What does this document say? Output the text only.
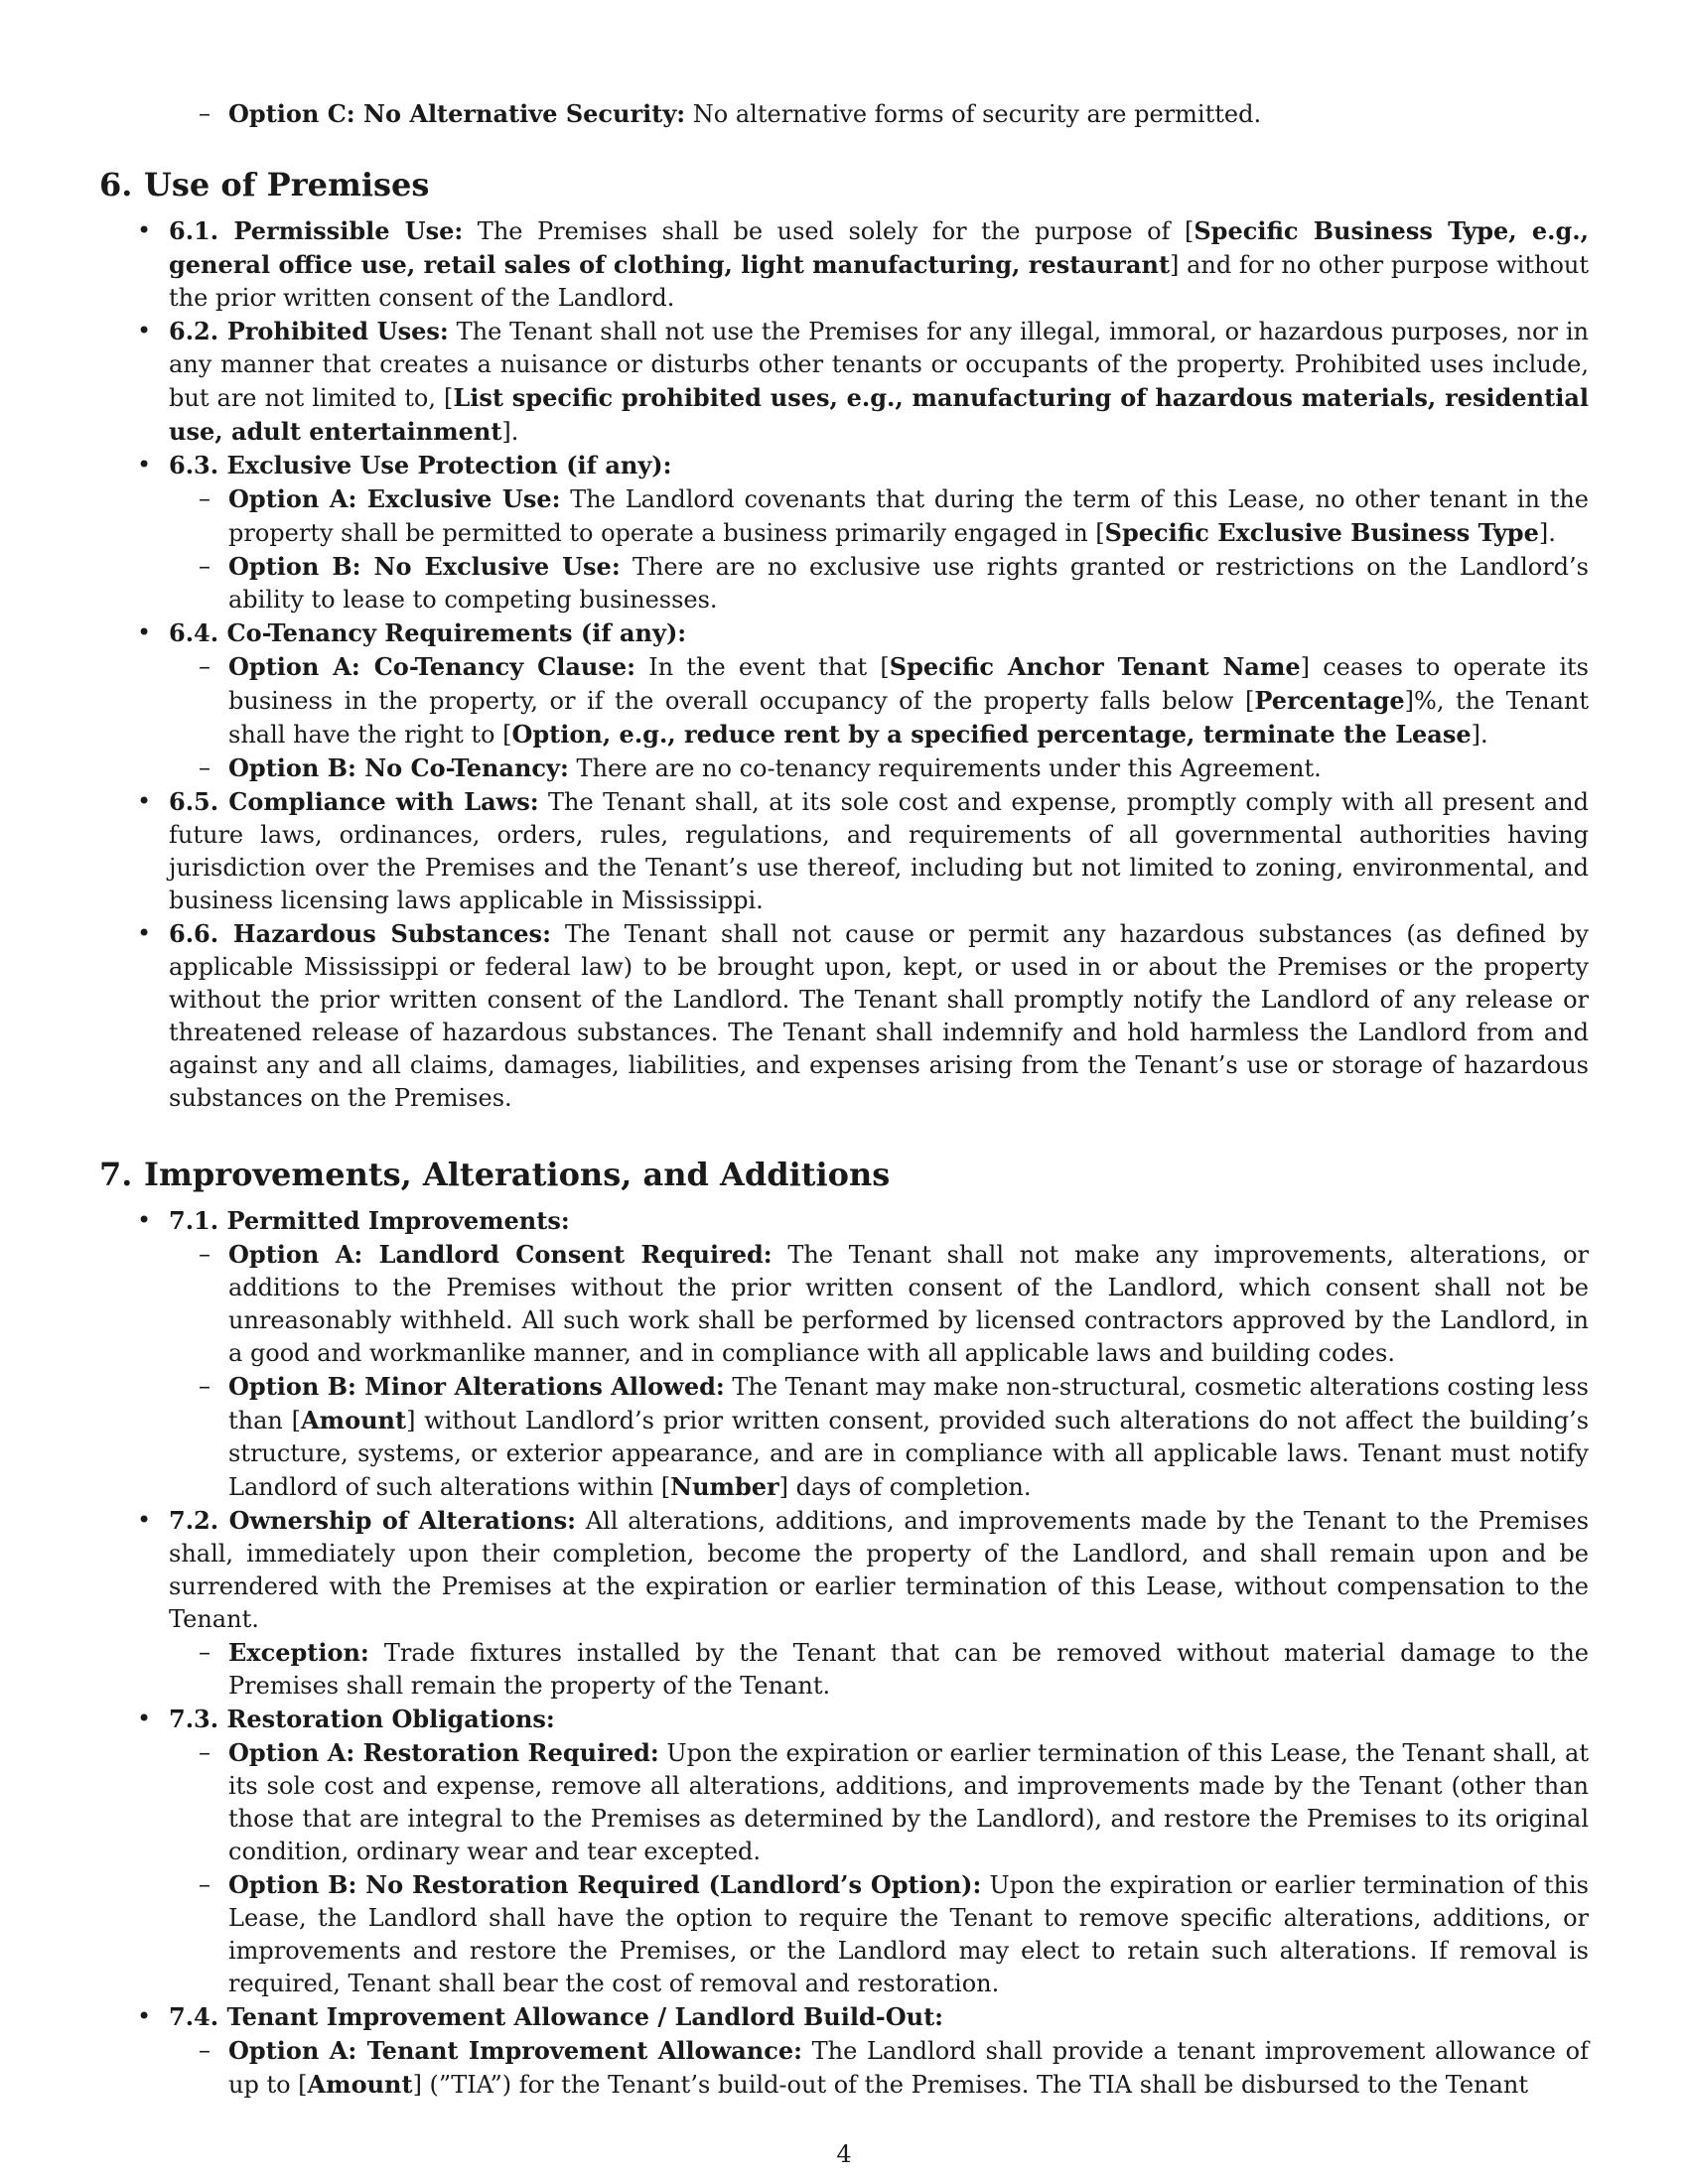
– Option C: No Alternative Security: No alternative forms of security are permitted.
6. Use of Premises
• 6.1. Permissible Use: The Premises shall be used solely for the purpose of [Specific Business Type, e.g., general office use, retail sales of clothing, light manufacturing, restaurant] and for no other purpose without the prior written consent of the Landlord.
• 6.2. Prohibited Uses: The Tenant shall not use the Premises for any illegal, immoral, or hazardous purposes, nor in any manner that creates a nuisance or disturbs other tenants or occupants of the property. Prohibited uses include, but are not limited to, [List specific prohibited uses, e.g., manufacturing of hazardous materials, residential use, adult entertainment].
• 6.3. Exclusive Use Protection (if any):
– Option A: Exclusive Use: The Landlord covenants that during the term of this Lease, no other tenant in the property shall be permitted to operate a business primarily engaged in [Specific Exclusive Business Type].
– Option B: No Exclusive Use: There are no exclusive use rights granted or restrictions on the Landlord’s ability to lease to competing businesses.
• 6.4. Co-Tenancy Requirements (if any):
– Option A: Co-Tenancy Clause: In the event that [Specific Anchor Tenant Name] ceases to operate its business in the property, or if the overall occupancy of the property falls below [Percentage]%, the Tenant shall have the right to [Option, e.g., reduce rent by a specified percentage, terminate the Lease].
– Option B: No Co-Tenancy: There are no co-tenancy requirements under this Agreement.
• 6.5. Compliance with Laws: The Tenant shall, at its sole cost and expense, promptly comply with all present and future laws, ordinances, orders, rules, regulations, and requirements of all governmental authorities having jurisdiction over the Premises and the Tenant’s use thereof, including but not limited to zoning, environmental, and business licensing laws applicable in Mississippi.
• 6.6. Hazardous Substances: The Tenant shall not cause or permit any hazardous substances (as defined by applicable Mississippi or federal law) to be brought upon, kept, or used in or about the Premises or the property without the prior written consent of the Landlord. The Tenant shall promptly notify the Landlord of any release or threatened release of hazardous substances. The Tenant shall indemnify and hold harmless the Landlord from and against any and all claims, damages, liabilities, and expenses arising from the Tenant’s use or storage of hazardous substances on the Premises.
7. Improvements, Alterations, and Additions
• 7.1. Permitted Improvements:
– Option A: Landlord Consent Required: The Tenant shall not make any improvements, alterations, or additions to the Premises without the prior written consent of the Landlord, which consent shall not be unreasonably withheld. All such work shall be performed by licensed contractors approved by the Landlord, in a good and workmanlike manner, and in compliance with all applicable laws and building codes.
– Option B: Minor Alterations Allowed: The Tenant may make non-structural, cosmetic alterations costing less than [Amount] without Landlord’s prior written consent, provided such alterations do not affect the building’s structure, systems, or exterior appearance, and are in compliance with all applicable laws. Tenant must notify Landlord of such alterations within [Number] days of completion.
• 7.2. Ownership of Alterations: All alterations, additions, and improvements made by the Tenant to the Premises shall, immediately upon their completion, become the property of the Landlord, and shall remain upon and be surrendered with the Premises at the expiration or earlier termination of this Lease, without compensation to the Tenant.
– Exception: Trade fixtures installed by the Tenant that can be removed without material damage to the Premises shall remain the property of the Tenant.
• 7.3. Restoration Obligations:
– Option A: Restoration Required: Upon the expiration or earlier termination of this Lease, the Tenant shall, at its sole cost and expense, remove all alterations, additions, and improvements made by the Tenant (other than those that are integral to the Premises as determined by the Landlord), and restore the Premises to its original condition, ordinary wear and tear excepted.
– Option B: No Restoration Required (Landlord’s Option): Upon the expiration or earlier termination of this Lease, the Landlord shall have the option to require the Tenant to remove specific alterations, additions, or improvements and restore the Premises, or the Landlord may elect to retain such alterations. If removal is required, Tenant shall bear the cost of removal and restoration.
• 7.4. Tenant Improvement Allowance / Landlord Build-Out:
– Option A: Tenant Improvement Allowance: The Landlord shall provide a tenant improvement allowance of up to [Amount] (”TIA”) for the Tenant’s build-out of the Premises. The TIA shall be disbursed to the Tenant
4
